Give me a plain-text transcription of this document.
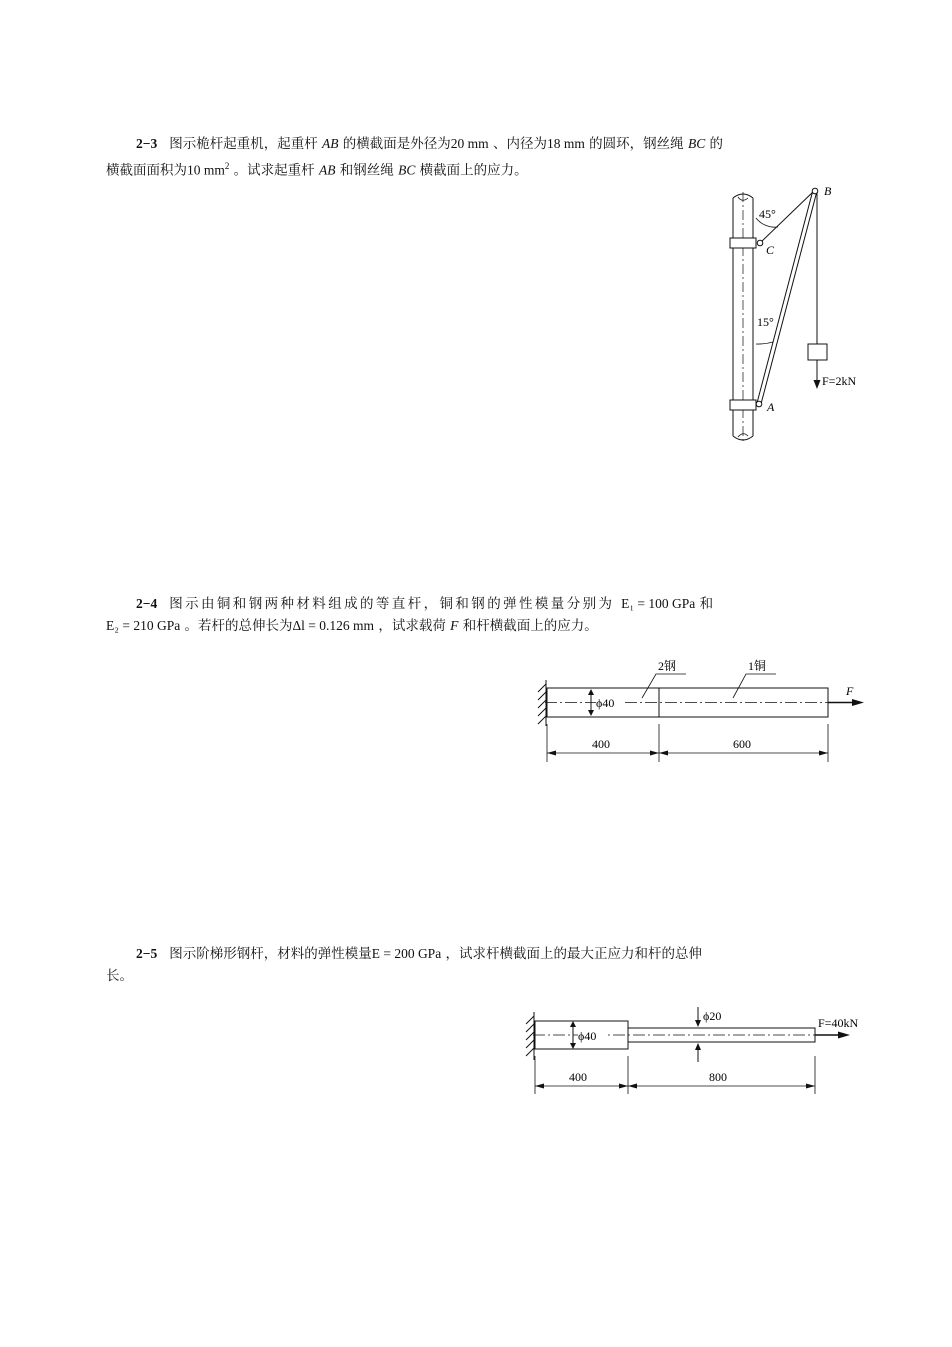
2−3 图示桅杆起重机，起重杆 AB 的横截面是外径为20 mm 、内径为18 mm 的圆环，钢丝绳 BC 的
横截面面积为10 $mm^2$ 。试求起重杆 AB 和钢丝绳 BC 横截面上的应力。
B
C
A
45°
15°
F=2kN
2−4 图示由铜和钢两种材料组成的等直杆，铜和钢的弹性模量分别为 E₁ = 100 GPa 和
E₂ = 210 GPa 。若杆的总伸长为Δl = 0.126 mm ，试求载荷 F 和杆横截面上的应力。
ϕ40
2钢	1铜
F
400	600
2−5 图示阶梯形钢杆，材料的弹性模量E = 200 GPa ，试求杆横截面上的最大正应力和杆的总伸
长。
ϕ40
ϕ20	F=40kN
400	800
